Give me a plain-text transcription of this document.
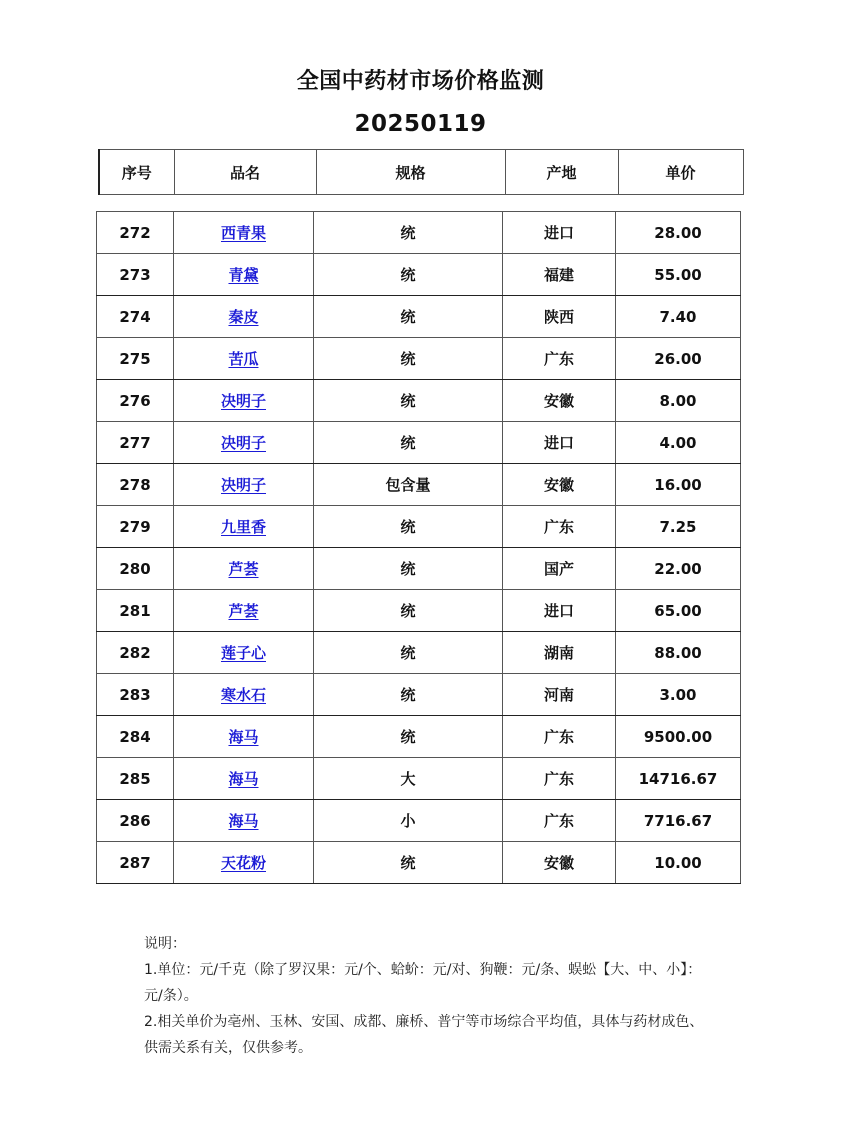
全国中药材市场价格监测
20250119
序号	品名	规格	产地	单价
272	西青果	统	进口	28.00
273	青黛	统	福建	55.00
274	秦皮	统	陕西	7.40
275	苦瓜	统	广东	26.00
276	决明子	统	安徽	8.00
277	决明子	统	进口	4.00
278	决明子	包含量	安徽	16.00
279	九里香	统	广东	7.25
280	芦荟	统	国产	22.00
281	芦荟	统	进口	65.00
282	莲子心	统	湖南	88.00
283	寒水石	统	河南	3.00
284	海马	统	广东	9500.00
285	海马	大	广东	14716.67
286	海马	小	广东	7716.67
287	天花粉	统	安徽	10.00

说明：

1.单位：元/千克（除了罗汉果：元/个、蛤蚧：元/对、狗鞭：元/条、蜈蚣【大、中、小】：元/条）。

2.相关单价为亳州、玉林、安国、成都、廉桥、普宁等市场综合平均值，具体与药材成色、供需关系有关，仅供参考。
